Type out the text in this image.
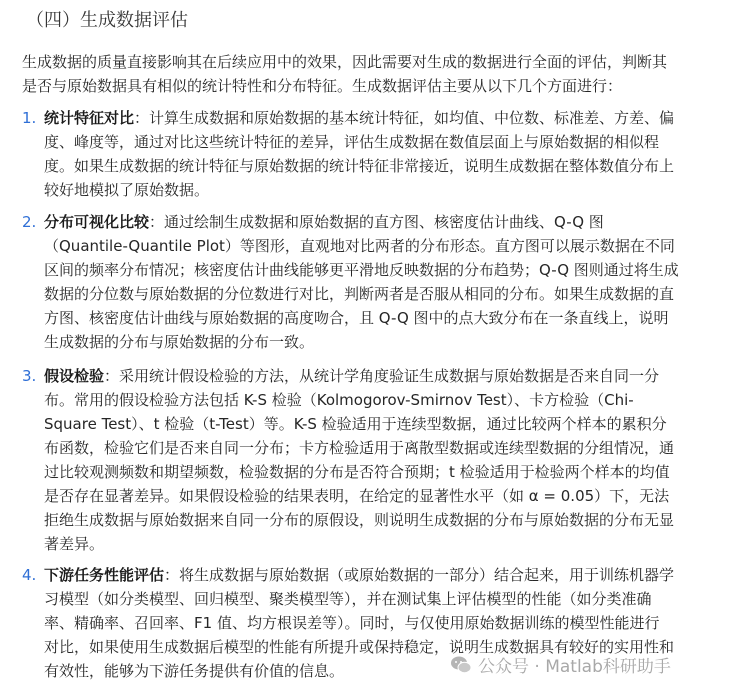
（四）生成数据评估
生成数据的质量直接影响其在后续应用中的效果，因此需要对生成的数据进行全面的评估，判断其
是否与原始数据具有相似的统计特性和分布特征。生成数据评估主要从以下几个方面进行：
1. 统计特征对比：计算生成数据和原始数据的基本统计特征，如均值、中位数、标准差、方差、偏
度、峰度等，通过对比这些统计特征的差异，评估生成数据在数值层面上与原始数据的相似程
度。如果生成数据的统计特征与原始数据的统计特征非常接近，说明生成数据在整体数值分布上
较好地模拟了原始数据。
2. 分布可视化比较：通过绘制生成数据和原始数据的直方图、核密度估计曲线、Q-Q 图
（Quantile-Quantile Plot）等图形，直观地对比两者的分布形态。直方图可以展示数据在不同
区间的频率分布情况；核密度估计曲线能够更平滑地反映数据的分布趋势；Q-Q 图则通过将生成
数据的分位数与原始数据的分位数进行对比，判断两者是否服从相同的分布。如果生成数据的直
方图、核密度估计曲线与原始数据的高度吻合，且 Q-Q 图中的点大致分布在一条直线上，说明
生成数据的分布与原始数据的分布一致。
3. 假设检验：采用统计假设检验的方法，从统计学角度验证生成数据与原始数据是否来自同一分
布。常用的假设检验方法包括 K-S 检验（Kolmogorov-Smirnov Test）、卡方检验（Chi-
Square Test）、t 检验（t-Test）等。K-S 检验适用于连续型数据，通过比较两个样本的累积分
布函数，检验它们是否来自同一分布；卡方检验适用于离散型数据或连续型数据的分组情况，通
过比较观测频数和期望频数，检验数据的分布是否符合预期；t 检验适用于检验两个样本的均值
是否存在显著差异。如果假设检验的结果表明，在给定的显著性水平（如 α = 0.05）下，无法
拒绝生成数据与原始数据来自同一分布的原假设，则说明生成数据的分布与原始数据的分布无显
著差异。
4. 下游任务性能评估：将生成数据与原始数据（或原始数据的一部分）结合起来，用于训练机器学
习模型（如分类模型、回归模型、聚类模型等），并在测试集上评估模型的性能（如分类准确
率、精确率、召回率、F1 值、均方根误差等）。同时，与仅使用原始数据训练的模型性能进行
对比，如果使用生成数据后模型的性能有所提升或保持稳定，说明生成数据具有较好的实用性和
有效性，能够为下游任务提供有价值的信息。	公众号 · Matlab科研助手
